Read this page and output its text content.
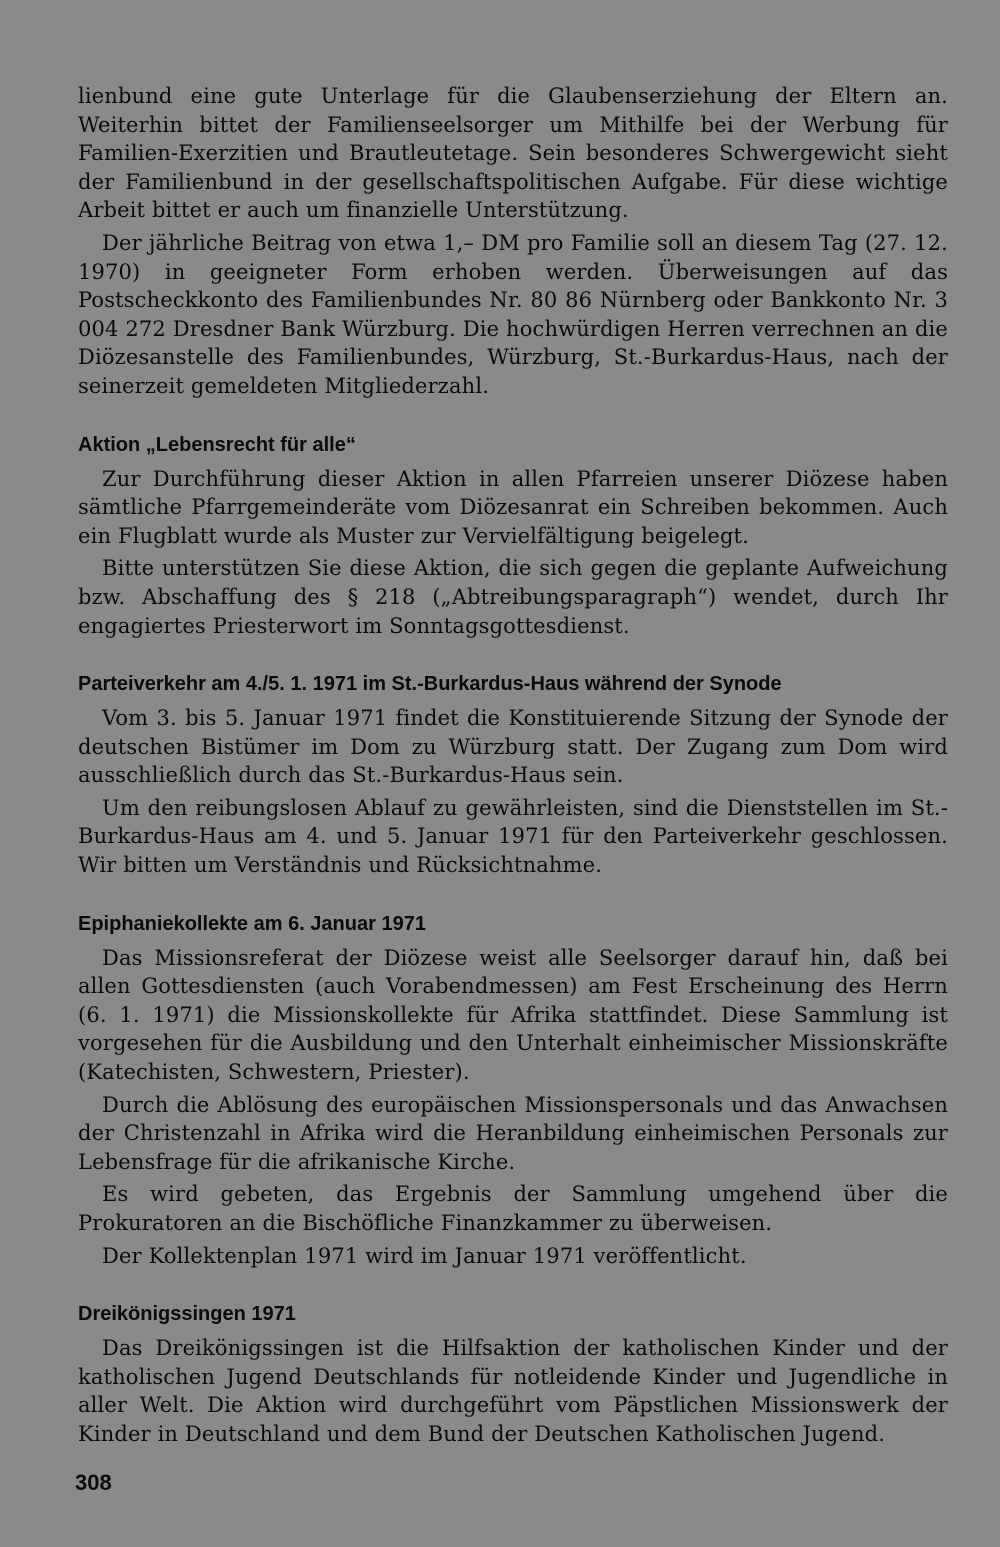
lienbund eine gute Unterlage für die Glaubenserziehung der Eltern an. Weiterhin bittet der Familienseelsorger um Mithilfe bei der Werbung für Familien-Exerzitien und Brautleutetage. Sein besonderes Schwergewicht sieht der Familienbund in der gesellschaftspolitischen Aufgabe. Für diese wichtige Arbeit bittet er auch um finanzielle Unterstützung.

Der jährliche Beitrag von etwa 1,– DM pro Familie soll an diesem Tag (27. 12. 1970) in geeigneter Form erhoben werden. Überweisungen auf das Postscheckkonto des Familienbundes Nr. 80 86 Nürnberg oder Bankkonto Nr. 3 004 272 Dresdner Bank Würzburg. Die hochwürdigen Herren verrechnen an die Diözesanstelle des Familienbundes, Würzburg, St.-Burkardus-Haus, nach der seinerzeit gemeldeten Mitgliederzahl.

Aktion „Lebensrecht für alle“

Zur Durchführung dieser Aktion in allen Pfarreien unserer Diözese haben sämtliche Pfarrgemeinderäte vom Diözesanrat ein Schreiben bekommen. Auch ein Flugblatt wurde als Muster zur Vervielfältigung beigelegt.

Bitte unterstützen Sie diese Aktion, die sich gegen die geplante Aufweichung bzw. Abschaffung des § 218 („Abtreibungsparagraph“) wendet, durch Ihr engagiertes Priesterwort im Sonntagsgottesdienst.

Parteiverkehr am 4./5. 1. 1971 im St.-Burkardus-Haus während der Synode

Vom 3. bis 5. Januar 1971 findet die Konstituierende Sitzung der Synode der deutschen Bistümer im Dom zu Würzburg statt. Der Zugang zum Dom wird ausschließlich durch das St.-Burkardus-Haus sein.

Um den reibungslosen Ablauf zu gewährleisten, sind die Dienststellen im St.-Burkardus-Haus am 4. und 5. Januar 1971 für den Parteiverkehr geschlossen. Wir bitten um Verständnis und Rücksichtnahme.

Epiphaniekollekte am 6. Januar 1971

Das Missionsreferat der Diözese weist alle Seelsorger darauf hin, daß bei allen Gottesdiensten (auch Vorabendmessen) am Fest Erscheinung des Herrn (6. 1. 1971) die Missionskollekte für Afrika stattfindet. Diese Sammlung ist vorgesehen für die Ausbildung und den Unterhalt einheimischer Missionskräfte (Katechisten, Schwestern, Priester).

Durch die Ablösung des europäischen Missionspersonals und das Anwachsen der Christenzahl in Afrika wird die Heranbildung einheimischen Personals zur Lebensfrage für die afrikanische Kirche.

Es wird gebeten, das Ergebnis der Sammlung umgehend über die Prokuratoren an die Bischöfliche Finanzkammer zu überweisen.

Der Kollektenplan 1971 wird im Januar 1971 veröffentlicht.

Dreikönigssingen 1971

Das Dreikönigssingen ist die Hilfsaktion der katholischen Kinder und der katholischen Jugend Deutschlands für notleidende Kinder und Jugendliche in aller Welt. Die Aktion wird durchgeführt vom Päpstlichen Missionswerk der Kinder in Deutschland und dem Bund der Deutschen Katholischen Jugend.

308
